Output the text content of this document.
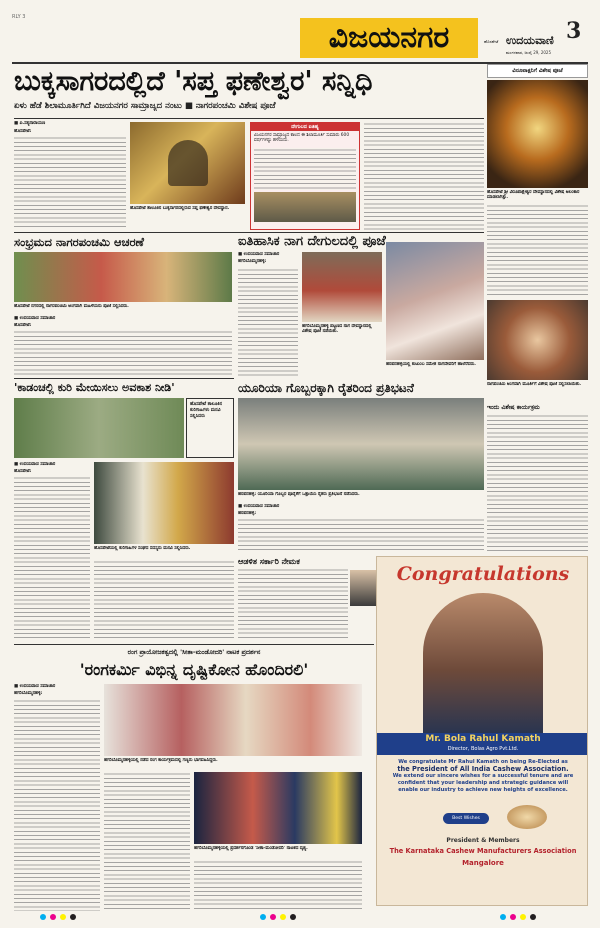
RLY 3
ವಿಜಯನಗರ	3
ಹೊಸಪೇಟೆ ಉದಯವಾಣಿ
ಮಂಗಳವಾರ, ಜುಲೈ 29, 2025
ಬುಕ್ಕಸಾಗರದಲ್ಲಿದೆ 'ಸಪ್ತ ಫಣೇಶ್ವರ' ಸನ್ನಿಧಿ
ಏಳು ಹೆಡೆ ಶಿಲಾಮೂರ್ತಿಗಿದೆ ವಿಜಯನಗರ ಸಾಮ್ರಾಜ್ಯದ ನಂಟು ■ ನಾಗರಪಂಚಮಿ ವಿಶೇಷ ಪೂಜೆ
■ ಪಿ.ಸತ್ಯನಾರಾಯಣ
ಹೊಸಪೇಟೆ:
ಹೊಸಪೇಟೆ ತಾಲೂಕಿನ ಬುಕ್ಕಸಾಗರದಲ್ಲಿರುವ ಸಪ್ತ ಫಣೇಶ್ವರ ದೇವಸ್ಥಾನ.
ದೇಗುಲದ ಐತಿಹ್ಯ
ವಿಜಯನಗರ ಸಾಮ್ರಾಜ್ಯದ ಕಾಲದ ಈ ಶಿಲಾಮೂರ್ತಿ ಸುಮಾರು 600 ವರ್ಷಗಳಷ್ಟು ಹಳೆಯದು.
ವಿರೂಪಾಕ್ಷನಿಗೆ ವಿಶೇಷ ಪೂಜೆ
ಹೊಸಪೇಟೆ ಶ್ರೀ ವಿರೂಪಾಕ್ಷೇಶ್ವರ ದೇವಸ್ಥಾನದಲ್ಲಿ ವಿಶೇಷ ಅಲಂಕಾರ ಮಾಡಲಾಗಿತ್ತು.
ನಾಗಪಂಚಮಿ ಅಂಗವಾಗಿ ಮೂರ್ತಿಗೆ ವಿಶೇಷ ಪೂಜೆ ಸಲ್ಲಿಸಲಾಯಿತು.
ಇಂದು ವಿಶೇಷ ಕಾರ್ಯಕ್ರಮ
ಸಂಭ್ರಮದ ನಾಗರಪಂಚಮಿ ಆಚರಣೆ
ಹೊಸಪೇಟೆ ನಗರದಲ್ಲಿ ನಾಗರಪಂಚಮಿ ಅಂಗವಾಗಿ ಮಹಿಳೆಯರು ಪೂಜೆ ಸಲ್ಲಿಸಿದರು.
■ ಉದಯವಾಣಿ ಸಮಾಚಾರ
ಹೊಸಪೇಟೆ:
ಐತಿಹಾಸಿಕ ನಾಗ ದೇಗುಲದಲ್ಲಿ ಪೂಜೆ
■ ಉದಯವಾಣಿ ಸಮಾಚಾರ
ಹಗರಿಬೊಮ್ಮನಹಳ್ಳಿ:
ಹಗರಿಬೊಮ್ಮನಹಳ್ಳಿ ಪಟ್ಟಣದ ನಾಗ ದೇವಸ್ಥಾನದಲ್ಲಿ ವಿಶೇಷ ಪೂಜೆ ನಡೆಯಿತು.
ಹರಪನಹಳ್ಳಿಯಲ್ಲಿ ಕುಟುಂಬ ಸಮೇತ ನಾಗದೇವರಿಗೆ ಹಾಲೆರೆದರು.
'ಕಾಡಂಚಲ್ಲಿ ಕುರಿ ಮೇಯಿಸಲು ಅವಕಾಶ ನೀಡಿ'
ಹೊಸಪೇಟೆ ತಾಲೂಕಿನ ಕುರಿಗಾಹಿಗಳು ಮನವಿ ಸಲ್ಲಿಸಿದರು
■ ಉದಯವಾಣಿ ಸಮಾಚಾರ
ಹೊಸಪೇಟೆ:
ಹೊಸಪೇಟೆಯಲ್ಲಿ ಕುರಿಗಾಹಿಗಳ ಸಂಘದ ಸದಸ್ಯರು ಮನವಿ ಸಲ್ಲಿಸಿದರು.
ಯೂರಿಯಾ ಗೊಬ್ಬರಕ್ಕಾಗಿ ರೈತರಿಂದ ಪ್ರತಿಭಟನೆ
ಹರಪನಹಳ್ಳಿ: ಯೂರಿಯಾ ಗೊಬ್ಬರ ಪೂರೈಕೆಗೆ ಒತ್ತಾಯಿಸಿ ರೈತರು ಪ್ರತಿಭಟನೆ ನಡೆಸಿದರು.
■ ಉದಯವಾಣಿ ಸಮಾಚಾರ
ಹರಪನಹಳ್ಳಿ:
ಆಡಳಿತ ಸರ್ಕಾರಿ ನೇಮಕ
Congratulations
Mr. Bola Rahul Kamath
Director, Bolas Agro Pvt.Ltd.
We congratulate Mr Rahul Kamath on being Re-Elected as
the President of All India Cashew Association.
We extend our sincere wishes for a successful tenure and are
confident that your leadership and strategic guidance will
enable our industry to achieve new heights of excellence.
Best Wishes
President & Members
The Karnataka Cashew Manufacturers Association
Mangalore
ರಂಗ ಪ್ರಾಯೋಜಕತ್ವದಲ್ಲಿ 'ಸೀತಾ-ಮಂಡೋದರಿ' ನಾಟಕ ಪ್ರದರ್ಶನ
'ರಂಗಕರ್ಮಿ ವಿಭಿನ್ನ ದೃಷ್ಟಿಕೋನ ಹೊಂದಿರಲಿ'
■ ಉದಯವಾಣಿ ಸಮಾಚಾರ
ಹಗರಿಬೊಮ್ಮನಹಳ್ಳಿ:
ಹಗರಿಬೊಮ್ಮನಹಳ್ಳಿಯಲ್ಲಿ ನಡೆದ ರಂಗ ಕಾರ್ಯಕ್ರಮದಲ್ಲಿ ಗಣ್ಯರು ಭಾಗವಹಿಸಿದ್ದರು.
ಹಗರಿಬೊಮ್ಮನಹಳ್ಳಿಯಲ್ಲಿ ಪ್ರದರ್ಶನಗೊಂಡ 'ಸೀತಾ-ಮಂಡೋದರಿ' ನಾಟಕದ ದೃಶ್ಯ.
